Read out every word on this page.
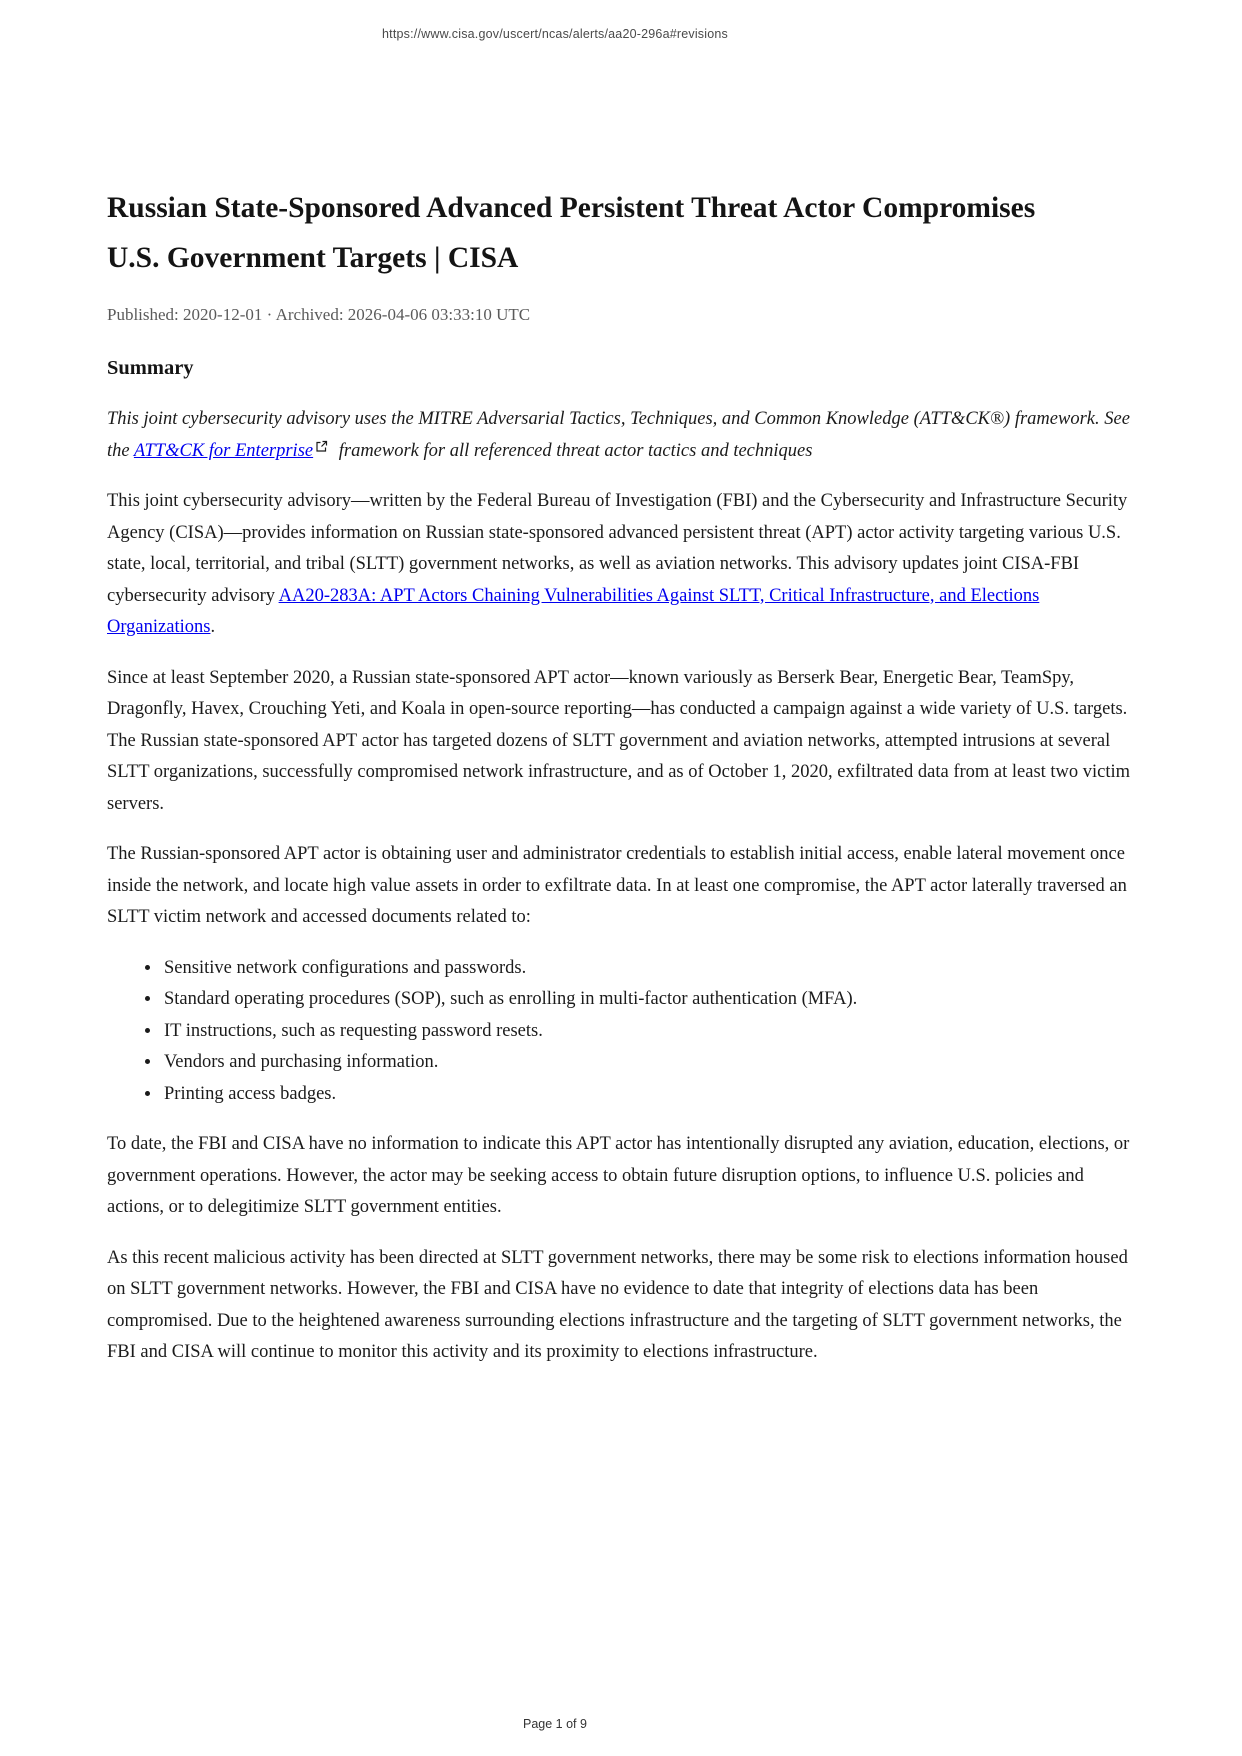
https://www.cisa.gov/uscert/ncas/alerts/aa20-296a#revisions
Russian State-Sponsored Advanced Persistent Threat Actor Compromises U.S. Government Targets | CISA
Published: 2020-12-01 · Archived: 2026-04-06 03:33:10 UTC
Summary

This joint cybersecurity advisory uses the MITRE Adversarial Tactics, Techniques, and Common Knowledge (ATT&CK®) framework. See the ATT&CK for Enterprise framework for all referenced threat actor tactics and techniques

This joint cybersecurity advisory—written by the Federal Bureau of Investigation (FBI) and the Cybersecurity and Infrastructure Security Agency (CISA)—provides information on Russian state-sponsored advanced persistent threat (APT) actor activity targeting various U.S. state, local, territorial, and tribal (SLTT) government networks, as well as aviation networks. This advisory updates joint CISA-FBI cybersecurity advisory AA20-283A: APT Actors Chaining Vulnerabilities Against SLTT, Critical Infrastructure, and Elections Organizations.

Since at least September 2020, a Russian state-sponsored APT actor—known variously as Berserk Bear, Energetic Bear, TeamSpy, Dragonfly, Havex, Crouching Yeti, and Koala in open-source reporting—has conducted a campaign against a wide variety of U.S. targets. The Russian state-sponsored APT actor has targeted dozens of SLTT government and aviation networks, attempted intrusions at several SLTT organizations, successfully compromised network infrastructure, and as of October 1, 2020, exfiltrated data from at least two victim servers.

The Russian-sponsored APT actor is obtaining user and administrator credentials to establish initial access, enable lateral movement once inside the network, and locate high value assets in order to exfiltrate data. In at least one compromise, the APT actor laterally traversed an SLTT victim network and accessed documents related to:

• Sensitive network configurations and passwords.
• Standard operating procedures (SOP), such as enrolling in multi-factor authentication (MFA).
• IT instructions, such as requesting password resets.
• Vendors and purchasing information.
• Printing access badges.

To date, the FBI and CISA have no information to indicate this APT actor has intentionally disrupted any aviation, education, elections, or government operations. However, the actor may be seeking access to obtain future disruption options, to influence U.S. policies and actions, or to delegitimize SLTT government entities.

As this recent malicious activity has been directed at SLTT government networks, there may be some risk to elections information housed on SLTT government networks. However, the FBI and CISA have no evidence to date that integrity of elections data has been compromised. Due to the heightened awareness surrounding elections infrastructure and the targeting of SLTT government networks, the FBI and CISA will continue to monitor this activity and its proximity to elections infrastructure.

Page 1 of 9
